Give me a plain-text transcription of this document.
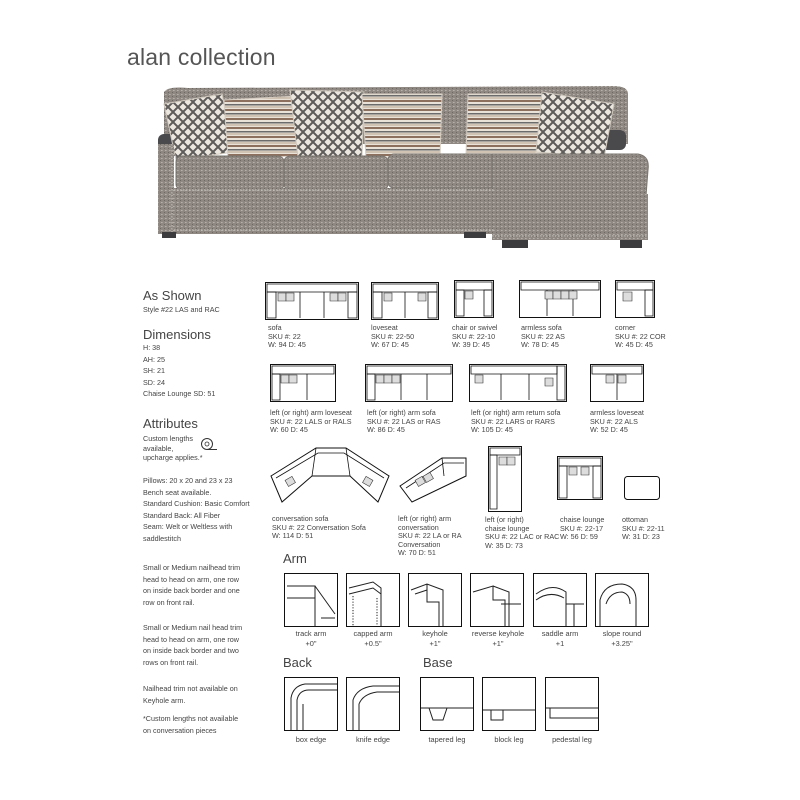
alan collection
As Shown
Style #22 LAS and RAC
Dimensions
H: 38
AH: 25
SH: 21
SD: 24
Chaise Lounge SD: 51
Attributes
Custom lengths
available,
upcharge applies.*
Pillows: 20 x 20 and 23 x 23
Bench seat available.
Standard Cushion: Basic Comfort
Standard Back: All Fiber
Seam: Welt or Weltless with
saddlestitch
Small or Medium nailhead trim
head to head on arm, one row
on inside back border and one
row on front rail.
Small or Medium nail head trim
head to head on arm, one row
on inside back border and two
rows on front rail.
Nailhead trim not available on
Keyhole arm.
*Custom lengths not available
on conversation pieces
sofa
SKU #: 22
W: 94 D: 45
loveseat
SKU #: 22-50
W: 67 D: 45
chair or swivel
SKU #: 22-10
W: 39 D: 45
armless sofa
SKU #: 22 AS
W: 78 D: 45
corner
SKU #: 22 COR
W: 45 D: 45
left (or right) arm loveseat
SKU #: 22 LALS or RALS
W: 60 D: 45
left (or right) arm sofa
SKU #: 22 LAS or RAS
W: 86 D: 45
left (or right) arm return sofa
SKU #: 22 LARS or RARS
W: 105 D: 45
armless loveseat
SKU #: 22 ALS
W: 52 D: 45
conversation sofa
SKU #: 22 Conversation Sofa
W: 114 D: 51
left (or right) arm
conversation
SKU #: 22 LA or RA
Conversation
W: 70 D: 51
left (or right)
chaise lounge
SKU #: 22 LAC or RAC
W: 35 D: 73
chaise lounge
SKU #: 22-17
W: 56 D: 59
ottoman
SKU #: 22-11
W: 31 D: 23
Arm
track arm
+0"
capped arm
+0.5"
keyhole
+1"
reverse keyhole
+1"
saddle arm
+1
slope round
+3.25"
Back
box edge	knife edge
Base
tapered leg	block leg	pedestal leg
